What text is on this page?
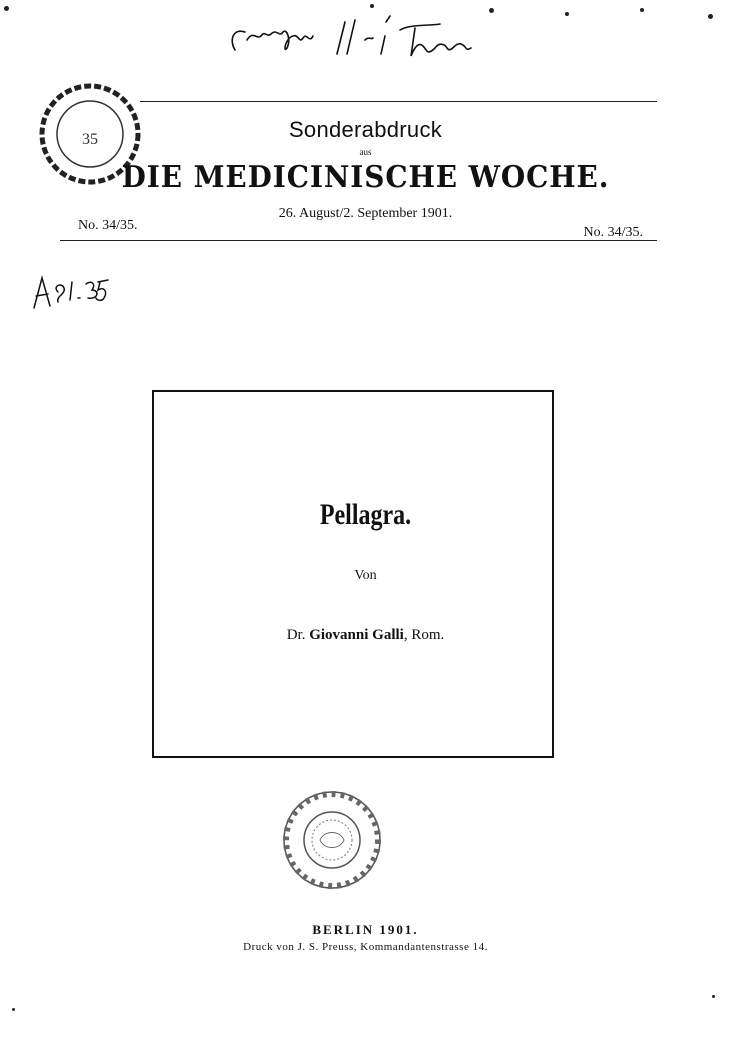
35	Sonderabdruck
aus
DIE MEDICINISCHE WOCHE.
26. August/2. September 1901.
No. 34/35.	No. 34/35.
Pellagra.
Von
Dr. Giovanni Galli, Rom.
BERLIN 1901.
Druck von J. S. Preuss, Kommandantenstrasse 14.
